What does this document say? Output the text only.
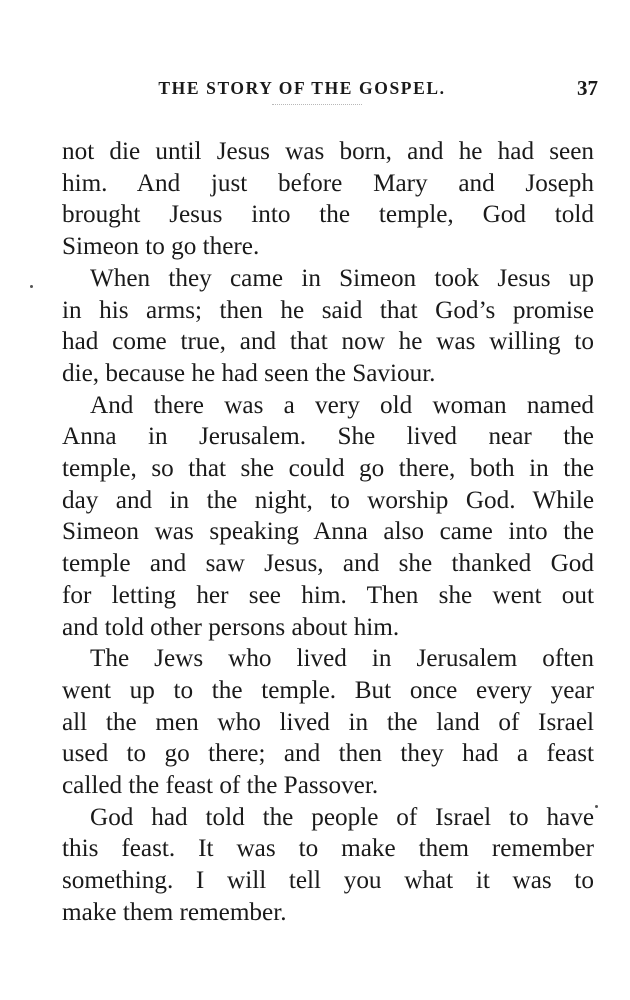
THE STORY OF THE GOSPEL.	37
not die until Jesus was born, and he had seen
him. And just before Mary and Joseph
brought Jesus into the temple, God told
Simeon to go there.
When they came in Simeon took Jesus up
in his arms; then he said that God’s promise
had come true, and that now he was willing to
die, because he had seen the Saviour.
And there was a very old woman named
Anna in Jerusalem. She lived near the
temple, so that she could go there, both in the
day and in the night, to worship God. While
Simeon was speaking Anna also came into the
temple and saw Jesus, and she thanked God
for letting her see him. Then she went out
and told other persons about him.
The Jews who lived in Jerusalem often
went up to the temple. But once every year
all the men who lived in the land of Israel
used to go there; and then they had a feast
called the feast of the Passover.
God had told the people of Israel to have
this feast. It was to make them remember
something. I will tell you what it was to
make them remember.
